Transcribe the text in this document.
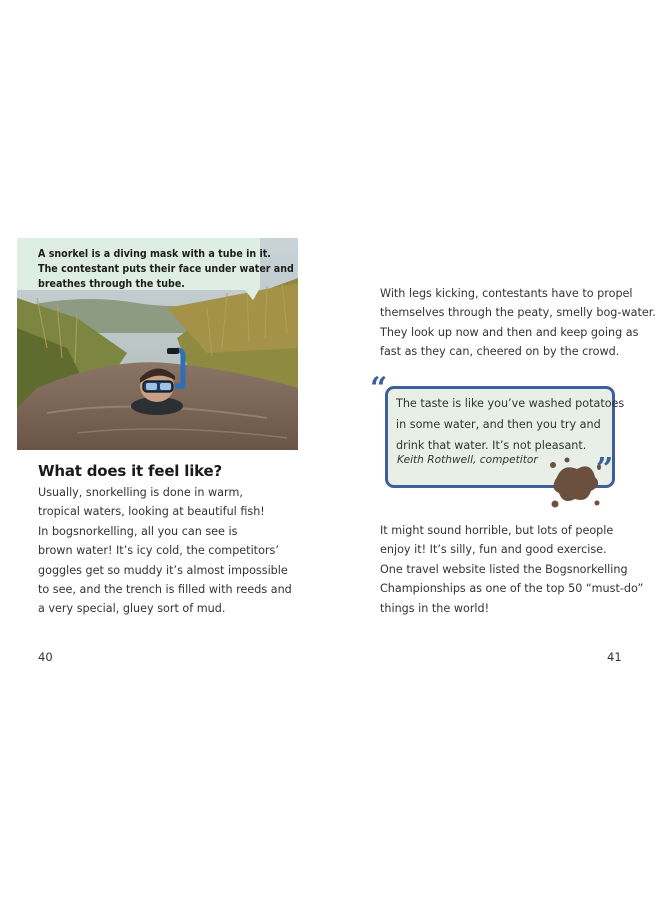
A snorkel is a diving mask with a tube in it.
The contestant puts their face under water and
breathes through the tube.
What does it feel like?
Usually, snorkelling is done in warm,
tropical waters, looking at beautiful fish!
In bogsnorkelling, all you can see is
brown water! It’s icy cold, the competitors’
goggles get so muddy it’s almost impossible
to see, and the trench is filled with reeds and
a very special, gluey sort of mud.
40
With legs kicking, contestants have to propel
themselves through the peaty, smelly bog-water.
They look up now and then and keep going as
fast as they can, cheered on by the crowd.
“ The taste is like you’ve washed potatoes
in some water, and then you try and
drink that water. It’s not pleasant.
Keith Rothwell, competitor ”
It might sound horrible, but lots of people
enjoy it! It’s silly, fun and good exercise.
One travel website listed the Bogsnorkelling
Championships as one of the top 50 “must-do”
things in the world!
41
